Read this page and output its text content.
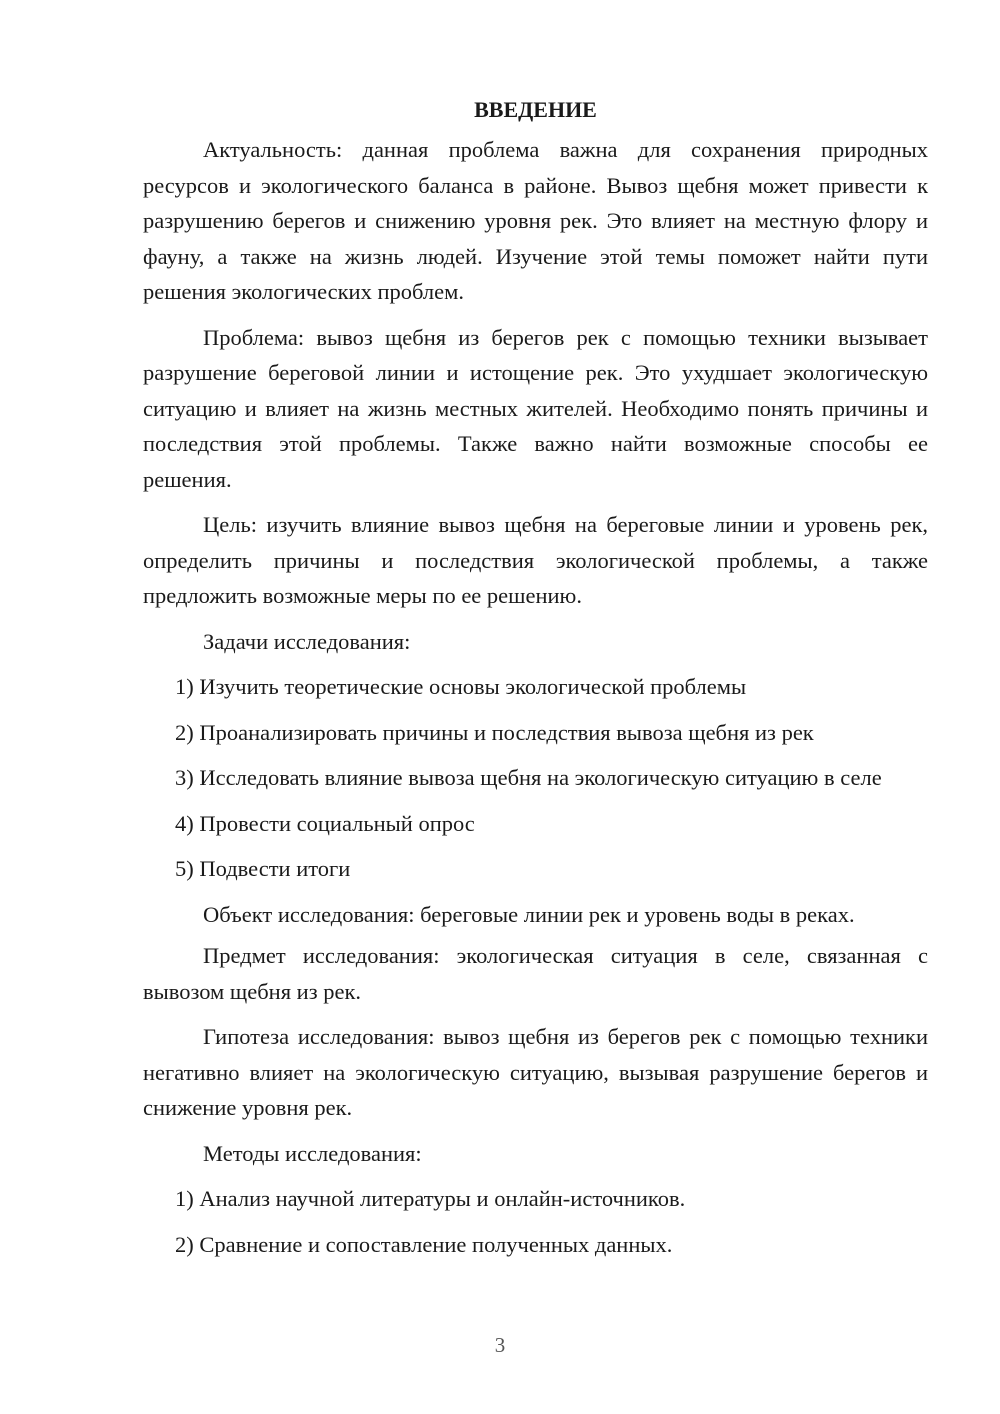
ВВЕДЕНИЕ

Актуальность: данная проблема важна для сохранения природных ресурсов и экологического баланса в районе. Вывоз щебня может привести к разрушению берегов и снижению уровня рек. Это влияет на местную флору и фауну, а также на жизнь людей. Изучение этой темы поможет найти пути решения экологических проблем.

Проблема: вывоз щебня из берегов рек с помощью техники вызывает разрушение береговой линии и истощение рек. Это ухудшает экологическую ситуацию и влияет на жизнь местных жителей. Необходимо понять причины и последствия этой проблемы. Также важно найти возможные способы ее решения.

Цель: изучить влияние вывоз щебня на береговые линии и уровень рек, определить причины и последствия экологической проблемы, а также предложить возможные меры по ее решению.

Задачи исследования:

1) Изучить теоретические основы экологической проблемы

2) Проанализировать причины и последствия вывоза щебня из рек

3) Исследовать влияние вывоза щебня на экологическую ситуацию в селе

4) Провести социальный опрос

5) Подвести итоги

Объект исследования: береговые линии рек и уровень воды в реках.

Предмет исследования: экологическая ситуация в селе, связанная с вывозом щебня из рек.

Гипотеза исследования: вывоз щебня из берегов рек с помощью техники негативно влияет на экологическую ситуацию, вызывая разрушение берегов и снижение уровня рек.

Методы исследования:

1) Анализ научной литературы и онлайн-источников.

2) Сравнение и сопоставление полученных данных.

3
